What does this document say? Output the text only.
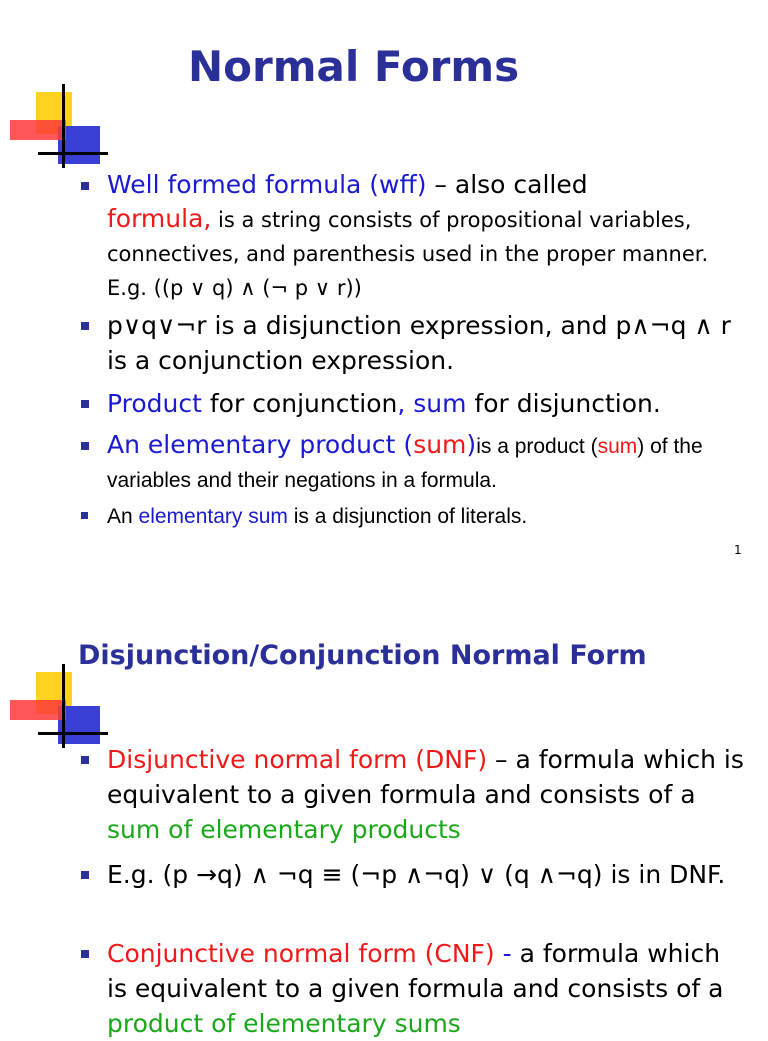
Normal Forms
Well formed formula (wff) – also called
formula, is a string consists of propositional variables, connectives, and parenthesis used in the proper manner. E.g. ((p ∨ q) ∧ (¬ p ∨ r))
p∨q∨¬r is a disjunction expression, and p∧¬q ∧ r is a conjunction expression.
Product for conjunction, sum for disjunction.
An elementary product (sum)is a product (sum) of the variables and their negations in a formula.
An elementary sum is a disjunction of literals.
1
Disjunction/Conjunction Normal Form
Disjunctive normal form (DNF) – a formula which is equivalent to a given formula and consists of a sum of elementary products
E.g. (p →q) ∧ ¬q ≡ (¬p ∧¬q) ∨ (q ∧¬q) is in DNF.
Conjunctive normal form (CNF) - a formula which is equivalent to a given formula and consists of a product of elementary sums
